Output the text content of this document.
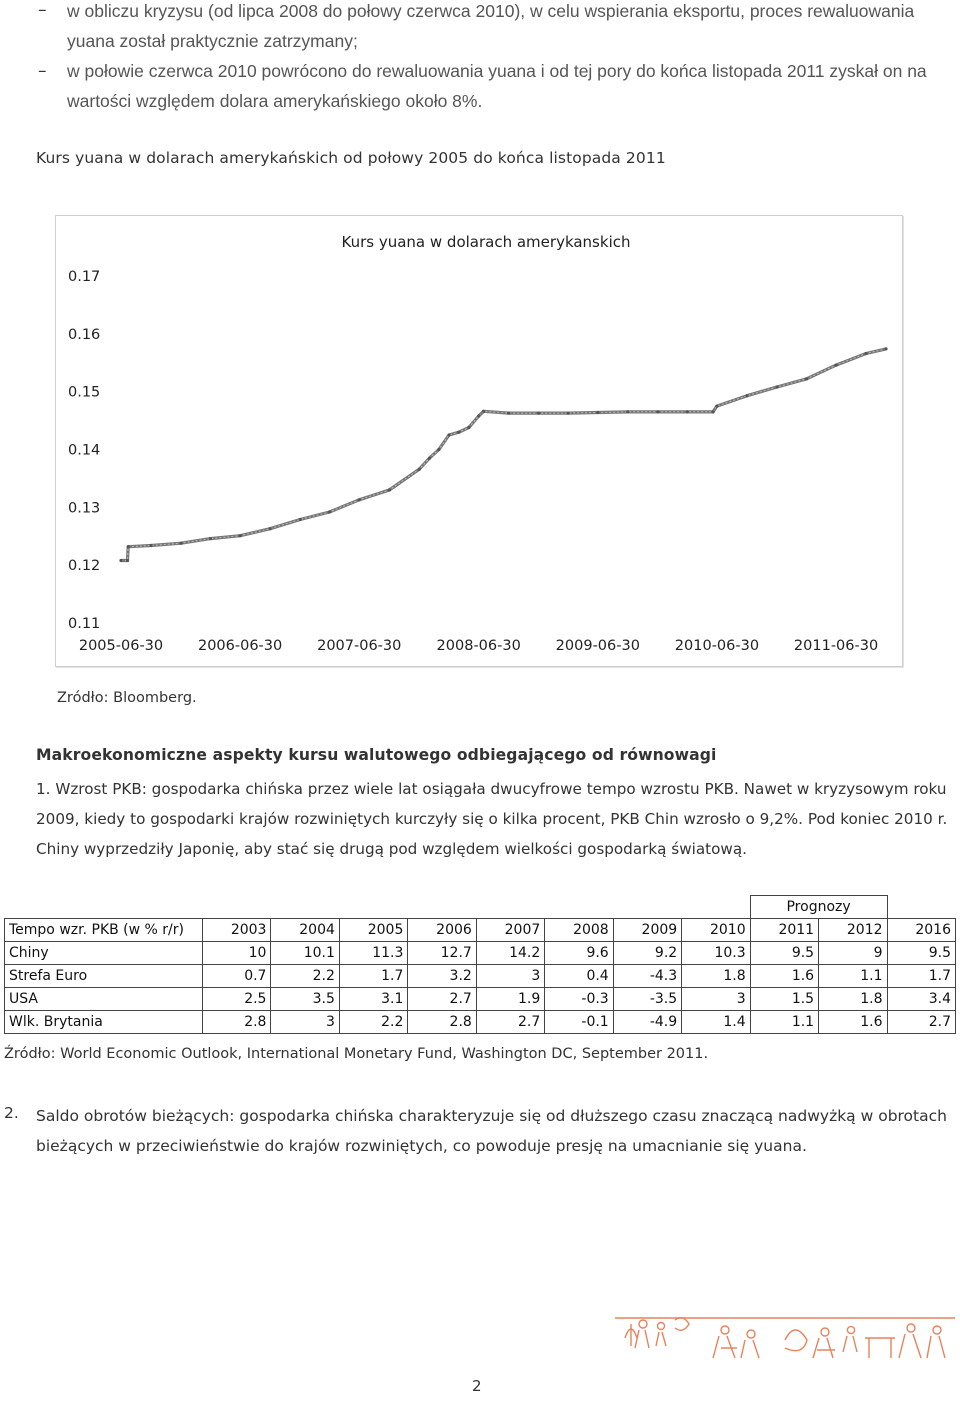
– w obliczu kryzysu (od lipca 2008 do połowy czerwca 2010), w celu wspierania eksportu, proces rewaluowania yuana został praktycznie zatrzymany;
– w połowie czerwca 2010 powrócono do rewaluowania yuana i od tej pory do końca listopada 2011 zyskał on na wartości względem dolara amerykańskiego około 8%.
Kurs yuana w dolarach amerykańskich od połowy 2005 do końca listopada 2011
Kurs yuana w dolarach amerykanskich
0.17
0.16
0.15
0.14
0.13
0.12
0.11
2005-06-30 2006-06-30 2007-06-30 2008-06-30 2009-06-30 2010-06-30 2011-06-30
Zródło: Bloomberg.
Makroekonomiczne aspekty kursu walutowego odbiegającego od równowagi
1. Wzrost PKB: gospodarka chińska przez wiele lat osiągała dwucyfrowe tempo wzrostu PKB. Nawet w kryzysowym roku 2009, kiedy to gospodarki krajów rozwiniętych kurczyły się o kilka procent, PKB Chin wzrosło o 9,2%. Pod koniec 2010 r. Chiny wyprzedziły Japonię, aby stać się drugą pod względem wielkości gospodarką światową.
									Prognozy		
Tempo wzr. PKB (w % r/r)	2003	2004	2005	2006	2007	2008	2009	2010	2011	2012	2016
Chiny	10	10.1	11.3	12.7	14.2	9.6	9.2	10.3	9.5	9	9.5
Strefa Euro	0.7	2.2	1.7	3.2	3	0.4	-4.3	1.8	1.6	1.1	1.7
USA	2.5	3.5	3.1	2.7	1.9	-0.3	-3.5	3	1.5	1.8	3.4
Wlk. Brytania	2.8	3	2.2	2.8	2.7	-0.1	-4.9	1.4	1.1	1.6	2.7
Źródło: World Economic Outlook, International Monetary Fund, Washington DC, September 2011.
2. Saldo obrotów bieżących: gospodarka chińska charakteryzuje się od dłuższego czasu znaczącą nadwyżką w obrotach bieżących w przeciwieństwie do krajów rozwiniętych, co powoduje presję na umacnianie się yuana.
2
